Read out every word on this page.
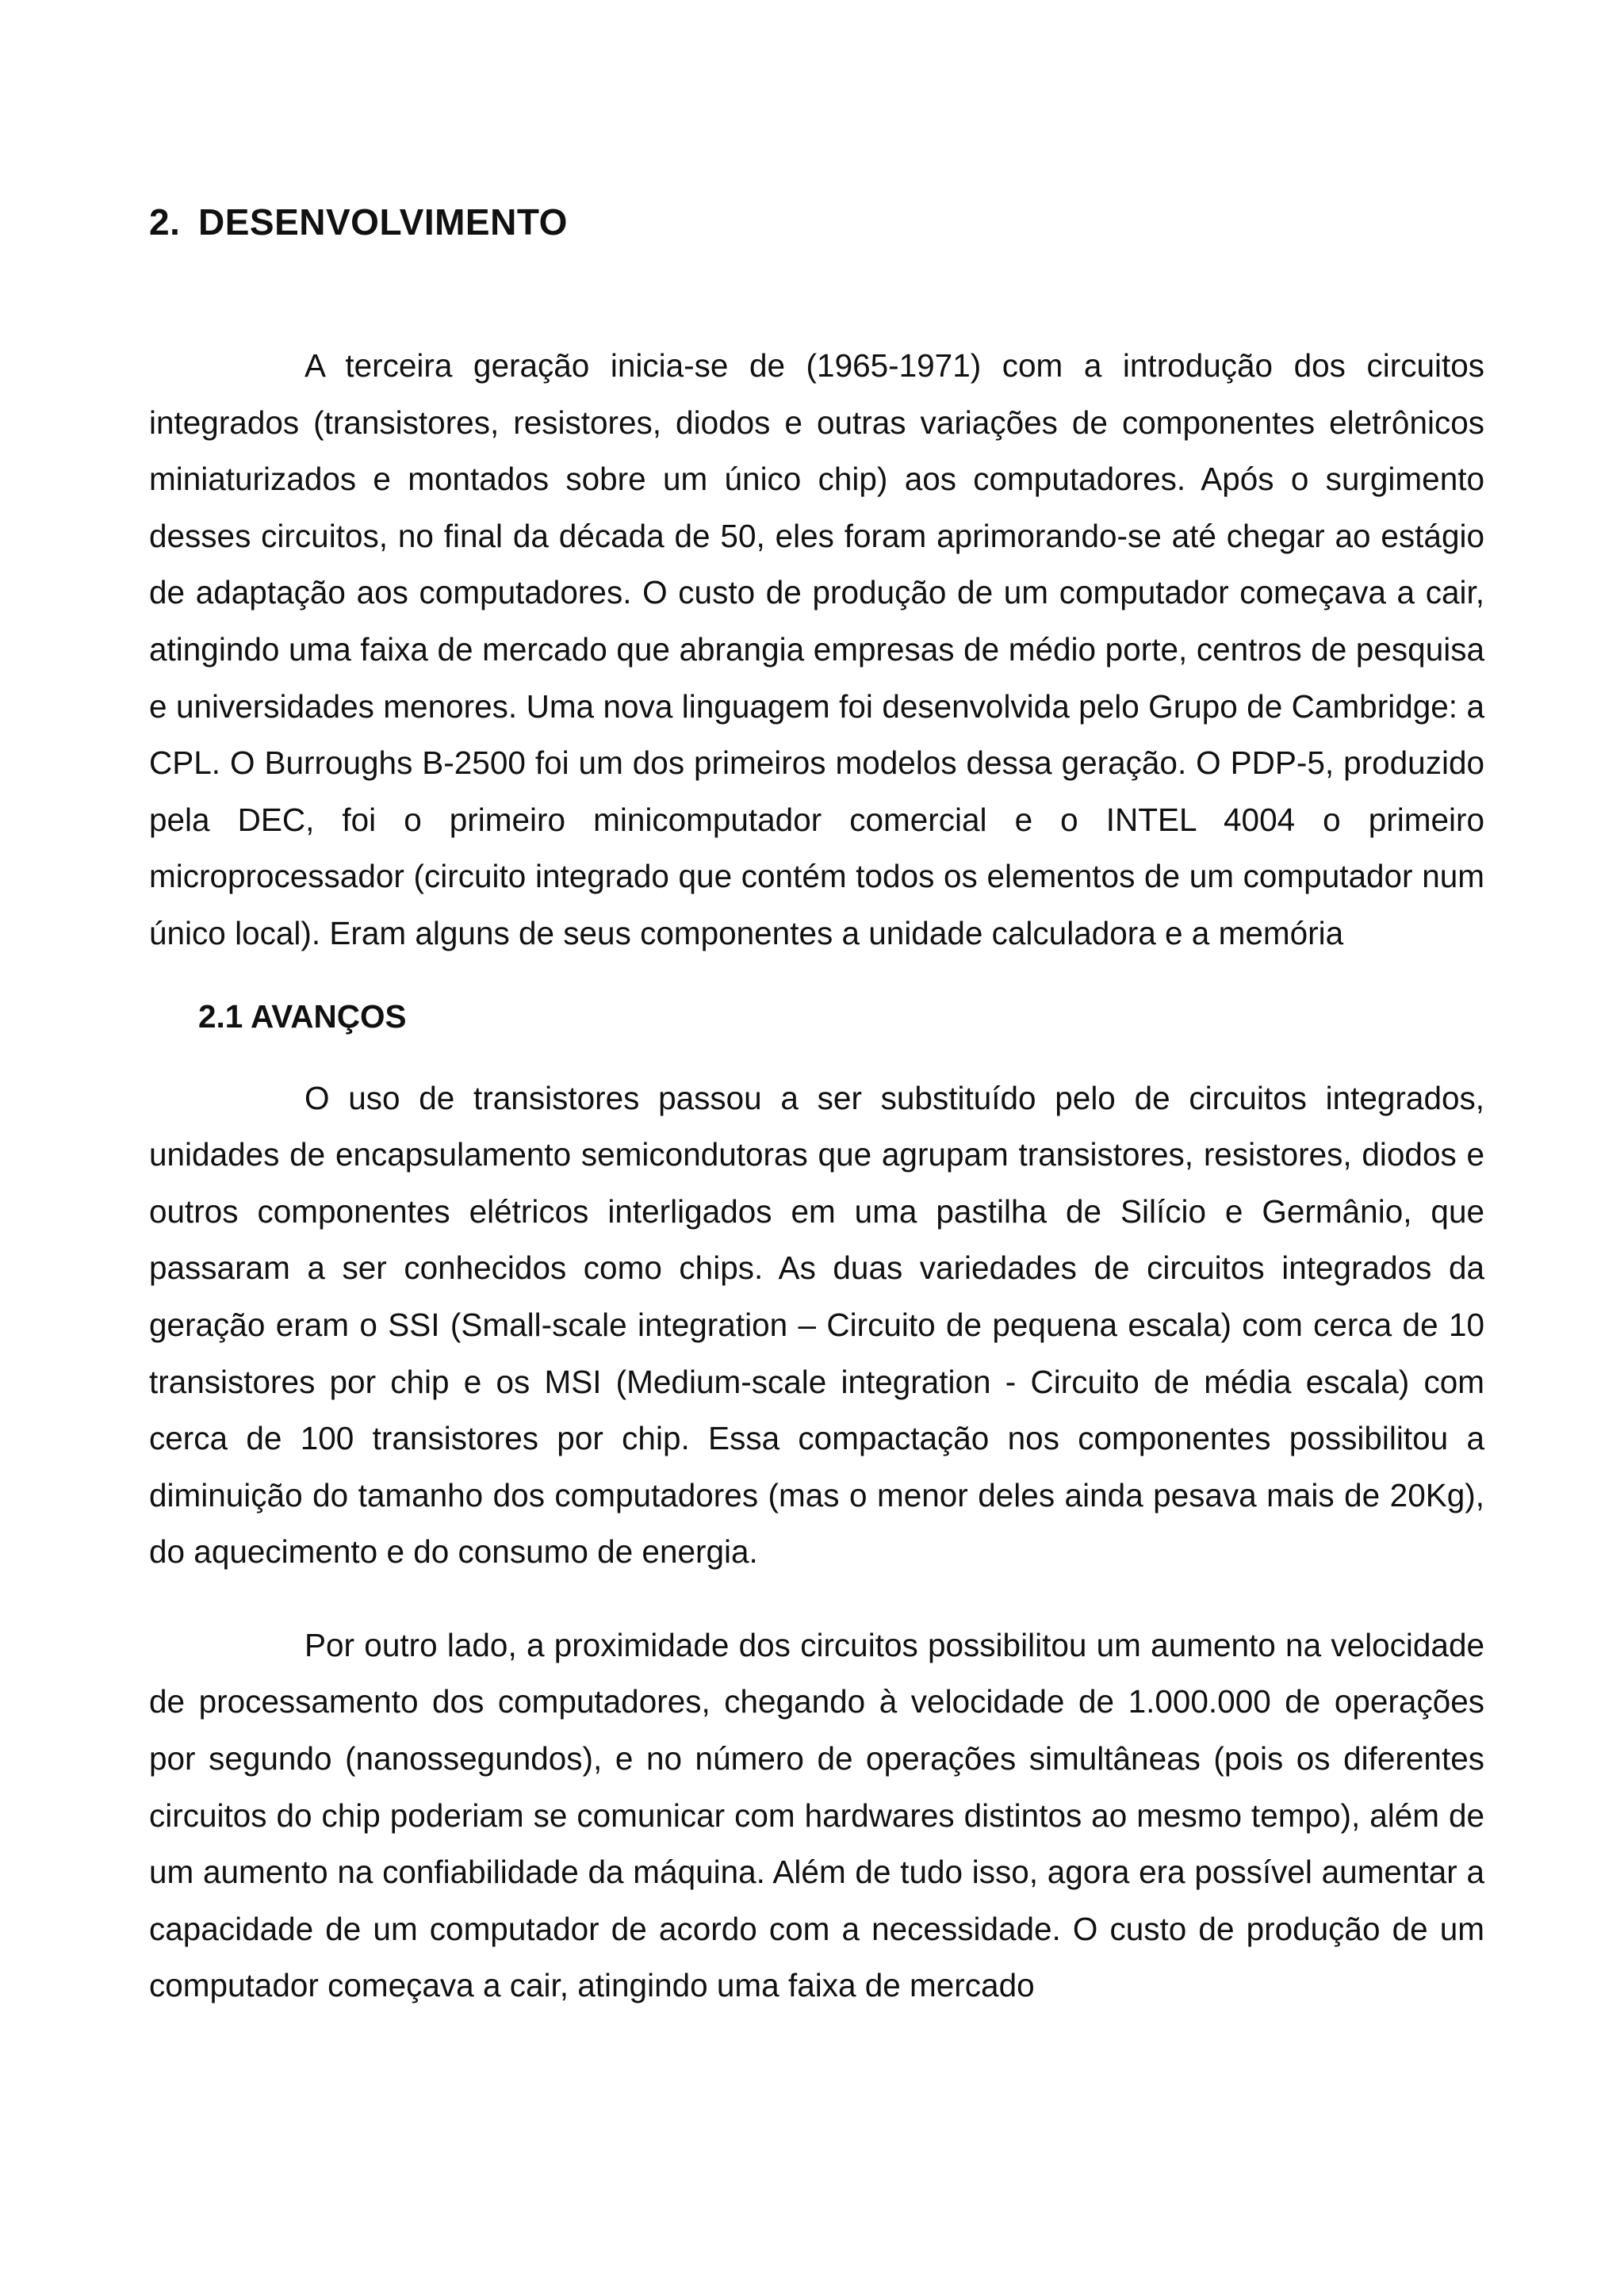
2. DESENVOLVIMENTO

A terceira geração inicia-se de (1965-1971) com a introdução dos circuitos integrados (transistores, resistores, diodos e outras variações de componentes eletrônicos miniaturizados e montados sobre um único chip) aos computadores. Após o surgimento desses circuitos, no final da década de 50, eles foram aprimorando-se até chegar ao estágio de adaptação aos computadores. O custo de produção de um computador começava a cair, atingindo uma faixa de mercado que abrangia empresas de médio porte, centros de pesquisa e universidades menores. Uma nova linguagem foi desenvolvida pelo Grupo de Cambridge: a CPL. O Burroughs B-2500 foi um dos primeiros modelos dessa geração. O PDP-5, produzido pela DEC, foi o primeiro minicomputador comercial e o INTEL 4004 o primeiro microprocessador (circuito integrado que contém todos os elementos de um computador num único local). Eram alguns de seus componentes a unidade calculadora e a memória

2.1 AVANÇOS

O uso de transistores passou a ser substituído pelo de circuitos integrados, unidades de encapsulamento semicondutoras que agrupam transistores, resistores, diodos e outros componentes elétricos interligados em uma pastilha de Silício e Germânio, que passaram a ser conhecidos como chips. As duas variedades de circuitos integrados da geração eram o SSI (Small-scale integration – Circuito de pequena escala) com cerca de 10 transistores por chip e os MSI (Medium-scale integration - Circuito de média escala) com cerca de 100 transistores por chip. Essa compactação nos componentes possibilitou a diminuição do tamanho dos computadores (mas o menor deles ainda pesava mais de 20Kg), do aquecimento e do consumo de energia.

Por outro lado, a proximidade dos circuitos possibilitou um aumento na velocidade de processamento dos computadores, chegando à velocidade de 1.000.000 de operações por segundo (nanossegundos), e no número de operações simultâneas (pois os diferentes circuitos do chip poderiam se comunicar com hardwares distintos ao mesmo tempo), além de um aumento na confiabilidade da máquina. Além de tudo isso, agora era possível aumentar a capacidade de um computador de acordo com a necessidade. O custo de produção de um computador começava a cair, atingindo uma faixa de mercado
